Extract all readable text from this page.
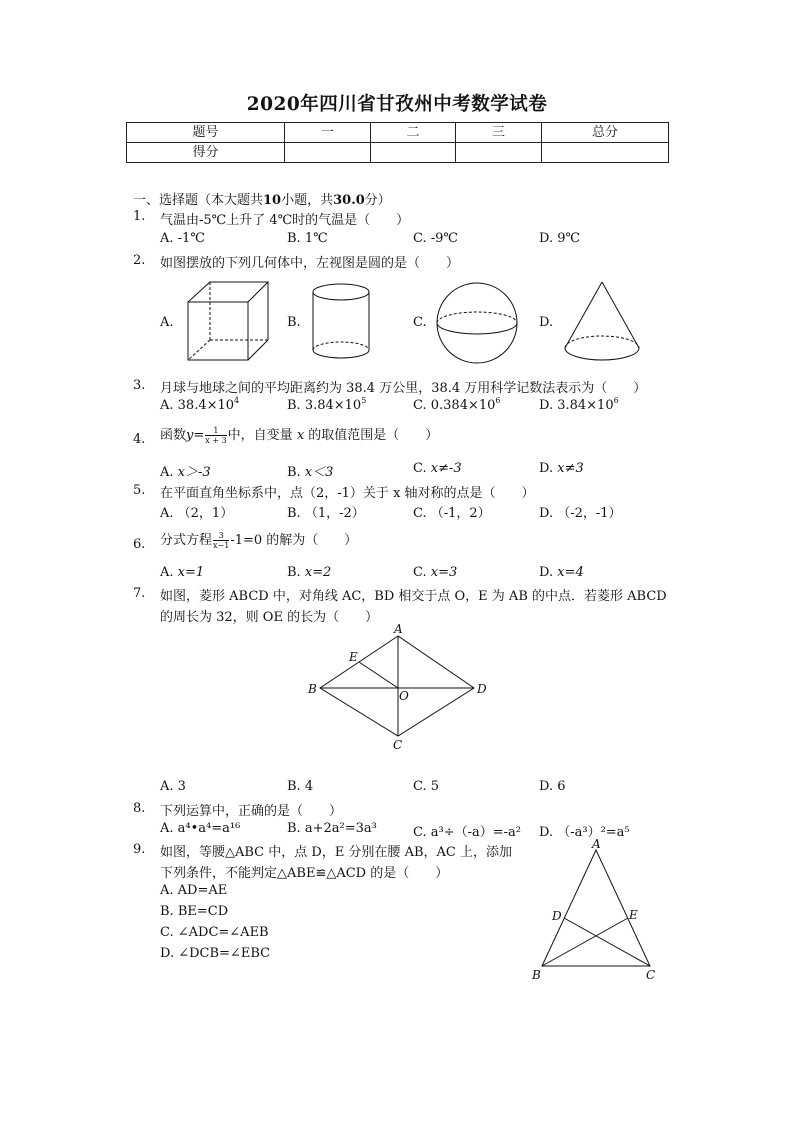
2020年四川省甘孜州中考数学试卷
题号	一	二	三	总分
得分				
一、选择题（本大题共10小题，共30.0分）
1. 气温由-5℃上升了 4℃时的气温是（　　）
A. -1℃	B. 1℃	C. -9℃	D. 9℃
2. 如图摆放的下列几何体中，左视图是圆的是（　　）
A.	B.	C.	D.
3. 月球与地球之间的平均距离约为 38.4 万公里，38.4 万用科学记数法表示为（　　）
A. $38.4\times 10^4$	B. $3.84\times 10^5$	C. $0.384\times 10^6$	D. $3.84\times 10^6$
4. 函数$y= \frac{1}{x + 3}$ 中，自变量 x 的取值范围是（　　）
A. x＞-3	B. x＜3	C. x≠-3	D. x≠3
5. 在平面直角坐标系中，点（2，-1）关于 x 轴对称的点是（　　）
A. （2，1）	B. （1，-2）	C. （-1，2）	D. （-2，-1）
6. 分式方程 $\frac{3}{x-1} -1=0$ 的解为（　　）
A. x=1	B. x=2	C. x=3	D. x=4
7. 如图，菱形 ABCD 中，对角线 AC，BD 相交于点 O，E 为 AB 的中点．若菱形 ABCD
的周长为 32，则 OE 的长为（　　）
A
B
C
D
E
O
A. 3	B. 4	C. 5	D. 6
8. 下列运算中，正确的是（　　）
A. a⁴•a⁴=a¹⁶	B. a+2a²=3a³	C. a³÷（-a）=-a² D. （-a³）²=a⁵
9. 如图，等腰△ABC 中，点 D，E 分别在腰 AB，AC 上，添加
下列条件，不能判定△ABE≌△ACD 的是（　　）
A. AD=AE
B. BE=CD
C. ∠ADC=∠AEB
D. ∠DCB=∠EBC
A
B	C
D	E
